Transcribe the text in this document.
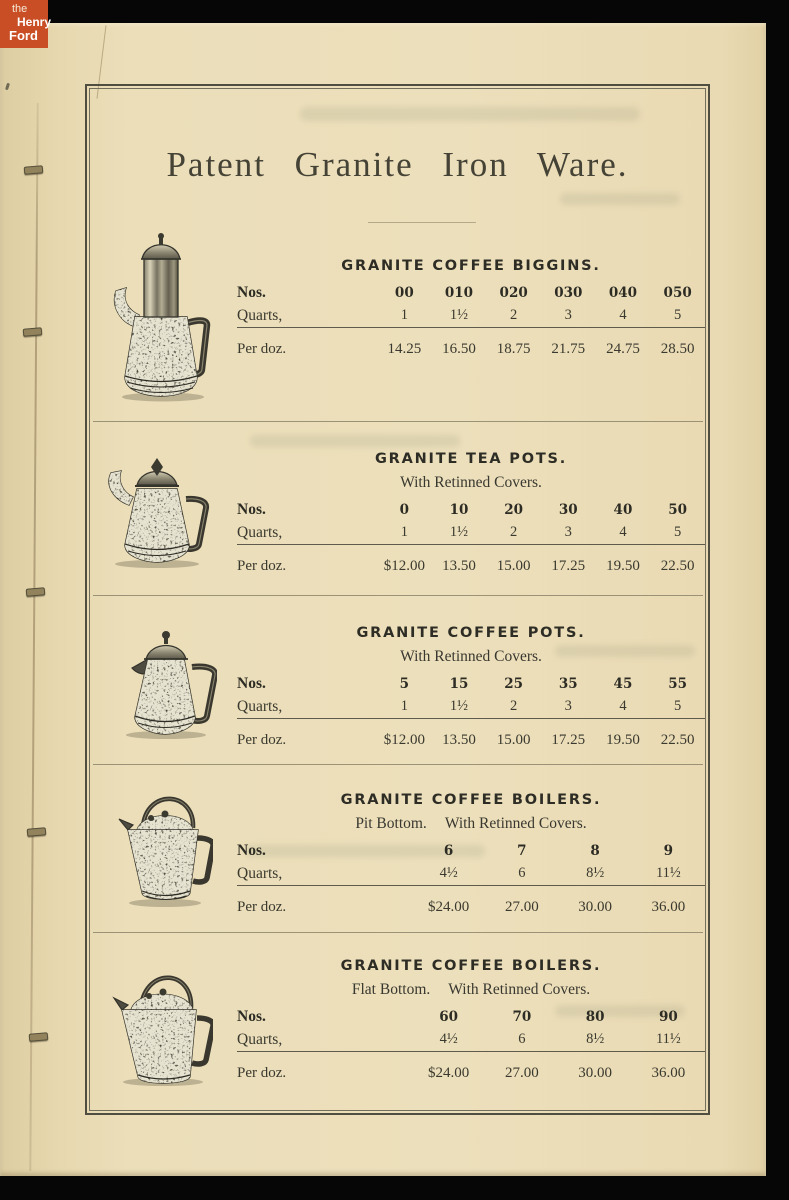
Patent Granite Iron Ware.
GRANITE COFFEE BIGGINS.
Nos.	00	010	020	030	040	050
Quarts,	1	1½	2	3	4	5
Per doz.	14.25	16.50	18.75	21.75	24.75	28.50
GRANITE TEA POTS.
With Retinned Covers.
Nos.	0	10	20	30	40	50
Quarts,	1	1½	2	3	4	5
Per doz.	$12.00	13.50	15.00	17.25	19.50	22.50
GRANITE COFFEE POTS.
With Retinned Covers.
Nos.	5	15	25	35	45	55
Quarts,	1	1½	2	3	4	5
Per doz.	$12.00	13.50	15.00	17.25	19.50	22.50
GRANITE COFFEE BOILERS.
Pit Bottom. With Retinned Covers.
Nos.	6	7	8	9
Quarts,	4½	6	8½	11½
Per doz.	$24.00	27.00	30.00	36.00
GRANITE COFFEE BOILERS.
Flat Bottom. With Retinned Covers.
Nos.	60	70	80	90
Quarts,	4½	6	8½	11½
Per doz.	$24.00	27.00	30.00	36.00
the
Henry
Ford
